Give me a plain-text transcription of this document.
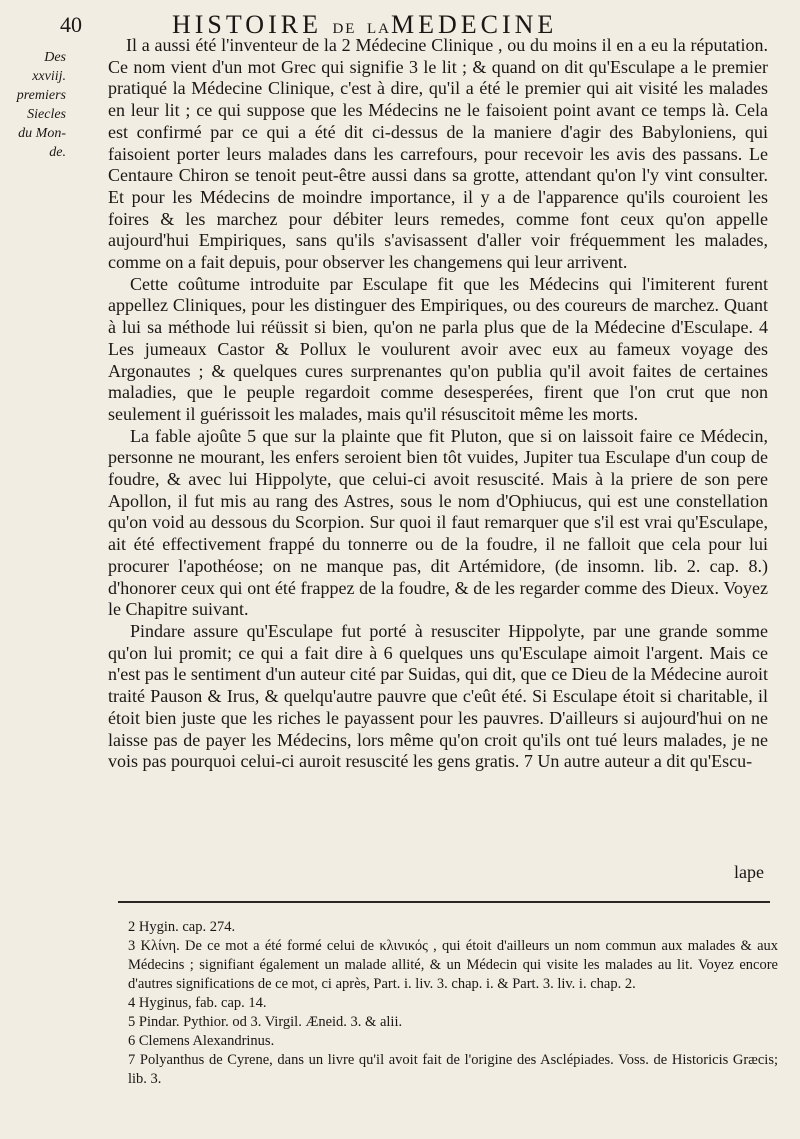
40	HISTOIRE DE LAMEDECINE
Des
xxviij.
premiers
Siecles
du Mon-
de.

Il a aussi été l'inventeur de la 2 Médecine Clinique , ou du moins il en a eu la réputation. Ce nom vient d'un mot Grec qui signifie 3 le lit ; & quand on dit qu'Esculape a le premier pratiqué la Médecine Clinique, c'est à dire, qu'il a été le premier qui ait visité les malades en leur lit ; ce qui suppose que les Médecins ne le faisoient point avant ce temps là. Cela est confirmé par ce qui a été dit ci-dessus de la maniere d'agir des Babyloniens, qui faisoient porter leurs malades dans les carrefours, pour recevoir les avis des passans. Le Centaure Chiron se tenoit peut-être aussi dans sa grotte, attendant qu'on l'y vint consulter. Et pour les Médecins de moindre importance, il y a de l'apparence qu'ils couroient les foires & les marchez pour débiter leurs remedes, comme font ceux qu'on appelle aujourd'hui Empiriques, sans qu'ils s'avisassent d'aller voir fréquemment les malades, comme on a fait depuis, pour observer les changemens qui leur arrivent.

Cette coûtume introduite par Esculape fit que les Médecins qui l'imiterent furent appellez Cliniques, pour les distinguer des Empiriques, ou des coureurs de marchez. Quant à lui sa méthode lui réüssit si bien, qu'on ne parla plus que de la Médecine d'Esculape. 4 Les jumeaux Castor & Pollux le voulurent avoir avec eux au fameux voyage des Argonautes ; & quelques cures surprenantes qu'on publia qu'il avoit faites de certaines maladies, que le peuple regardoit comme desesperées, firent que l'on crut que non seulement il guérissoit les malades, mais qu'il résuscitoit même les morts.

La fable ajoûte 5 que sur la plainte que fit Pluton, que si on laissoit faire ce Médecin, personne ne mourant, les enfers seroient bien tôt vuides, Jupiter tua Esculape d'un coup de foudre, & avec lui Hippolyte, que celui-ci avoit resuscité. Mais à la priere de son pere Apollon, il fut mis au rang des Astres, sous le nom d'Ophiucus, qui est une constellation qu'on void au dessous du Scorpion. Sur quoi il faut remarquer que s'il est vrai qu'Esculape, ait été effectivement frappé du tonnerre ou de la foudre, il ne falloit que cela pour lui procurer l'apothéose; on ne manque pas, dit Artémidore, (de insomn. lib. 2. cap. 8.) d'honorer ceux qui ont été frappez de la foudre, & de les regarder comme des Dieux. Voyez le Chapitre suivant.

Pindare assure qu'Esculape fut porté à resusciter Hippolyte, par une grande somme qu'on lui promit; ce qui a fait dire à 6 quelques uns qu'Esculape aimoit l'argent. Mais ce n'est pas le sentiment d'un auteur cité par Suidas, qui dit, que ce Dieu de la Médecine auroit traité Pauson & Irus, & quelqu'autre pauvre que c'eût été. Si Esculape étoit si charitable, il étoit bien juste que les riches le payassent pour les pauvres. D'ailleurs si aujourd'hui on ne laisse pas de payer les Médecins, lors même qu'on croit qu'ils ont tué leurs malades, je ne vois pas pourquoi celui-ci auroit resuscité les gens gratis. 7 Un autre auteur a dit qu'Escu-

lape

2 Hygin. cap. 274.

3 Κλίνη. De ce mot a été formé celui de κλινικός , qui étoit d'ailleurs un nom commun aux malades & aux Médecins ; signifiant également un malade allité, & un Médecin qui visite les malades au lit. Voyez encore d'autres significations de ce mot, ci après, Part. i. liv. 3. chap. i. & Part. 3. liv. i. chap. 2.

4 Hyginus, fab. cap. 14.

5 Pindar. Pythior. od 3. Virgil. Æneid. 3. & alii.

6 Clemens Alexandrinus.

7 Polyanthus de Cyrene, dans un livre qu'il avoit fait de l'origine des Asclépiades. Voss. de Historicis Græcis; lib. 3.
